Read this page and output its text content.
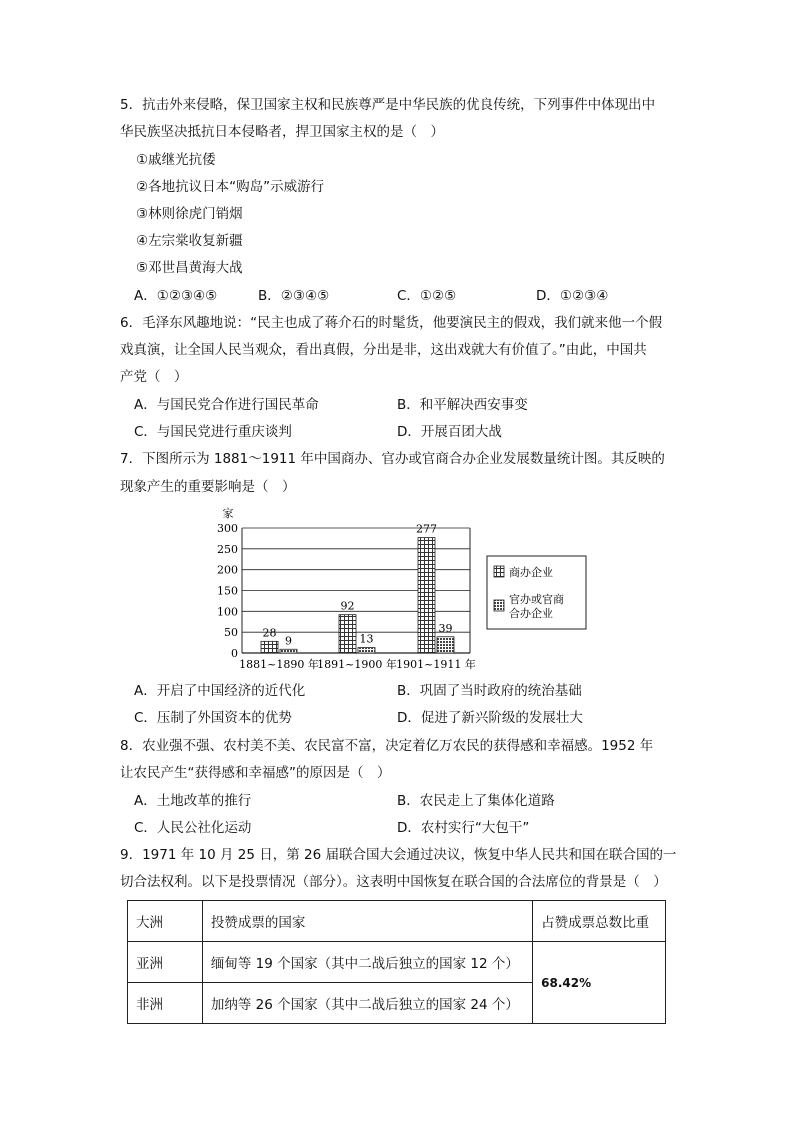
5．抗击外来侵略，保卫国家主权和民族尊严是中华民族的优良传统，下列事件中体现出中
华民族坚决抵抗日本侵略者，捍卫国家主权的是（　）
①戚继光抗倭
②各地抗议日本“购岛”示威游行
③林则徐虎门销烟
④左宗棠收复新疆
⑤邓世昌黄海大战
A．①②③④⑤	B．②③④⑤	C．①②⑤	D．①②③④
6．毛泽东风趣地说：“民主也成了蒋介石的时髦货，他要演民主的假戏，我们就来他一个假
戏真演，让全国人民当观众，看出真假，分出是非，这出戏就大有价值了。”由此，中国共
产党（　）
A．与国民党合作进行国民革命	B．和平解决西安事变
C．与国民党进行重庆谈判	D．开展百团大战
7．下图所示为 1881～1911 年中国商办、官办或官商合办企业发展数量统计图。其反映的
现象产生的重要影响是（　）
家
0
50
100
150
200
250
300
28
9
1881~1890 年
92
13
1891~1900 年
277
39
1901~1911 年
商办企业
官办或官商
合办企业
A．开启了中国经济的近代化	B．巩固了当时政府的统治基础
C．压制了外国资本的优势	D．促进了新兴阶级的发展壮大
8．农业强不强、农村美不美、农民富不富，决定着亿万农民的获得感和幸福感。1952 年
让农民产生“获得感和幸福感”的原因是（　）
A．土地改革的推行	B．农民走上了集体化道路
C．人民公社化运动	D．农村实行“大包干”
9．1971 年 10 月 25 日，第 26 届联合国大会通过决议，恢复中华人民共和国在联合国的一
切合法权利。以下是投票情况（部分）。这表明中国恢复在联合国的合法席位的背景是（　）
大洲	投赞成票的国家	占赞成票总数比重
亚洲	缅甸等 19 个国家（其中二战后独立的国家 12 个）	68.42%
非洲	加纳等 26 个国家（其中二战后独立的国家 24 个）	
